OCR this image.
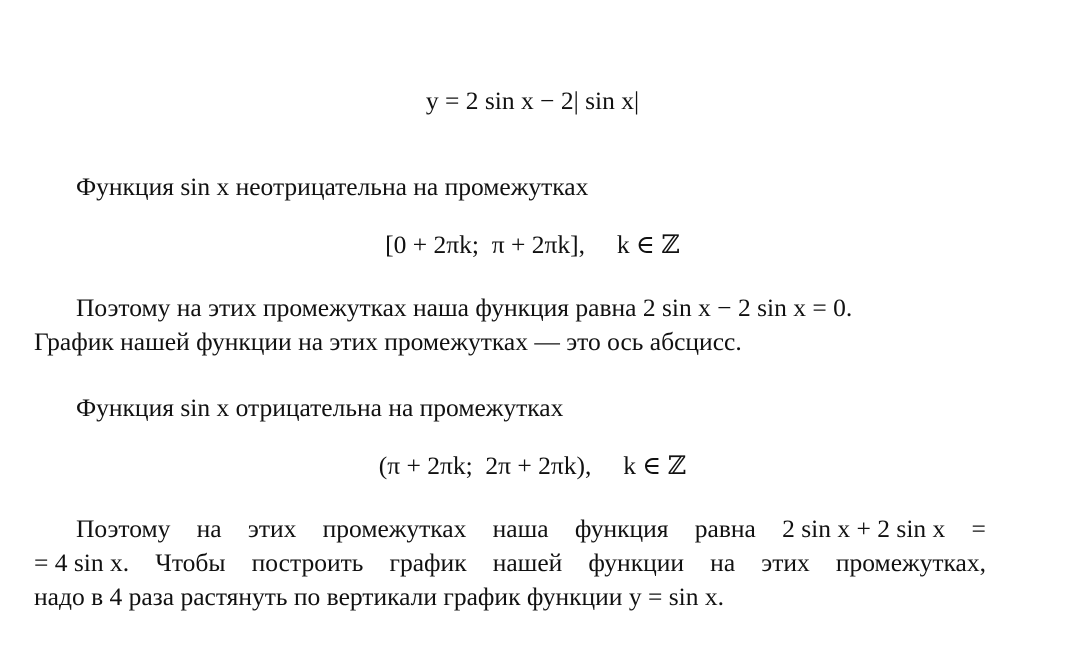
y = 2 sin x − 2| sin x|
Функция sin x неотрицательна на промежутках
[0 + 2πk;  π + 2πk],     k ∈ ℤ
Поэтому на этих промежутках наша функция равна 2 sin x − 2 sin x = 0.
График нашей функции на этих промежутках — это ось абсцисс.
Функция sin x отрицательна на промежутках
(π + 2πk;  2π + 2πk),     k ∈ ℤ
Поэтому на этих промежутках наша функция равна 2 sin x + 2 sin x =
= 4 sin x. Чтобы построить график нашей функции на этих промежутках,
надо в 4 раза растянуть по вертикали график функции y = sin x.
